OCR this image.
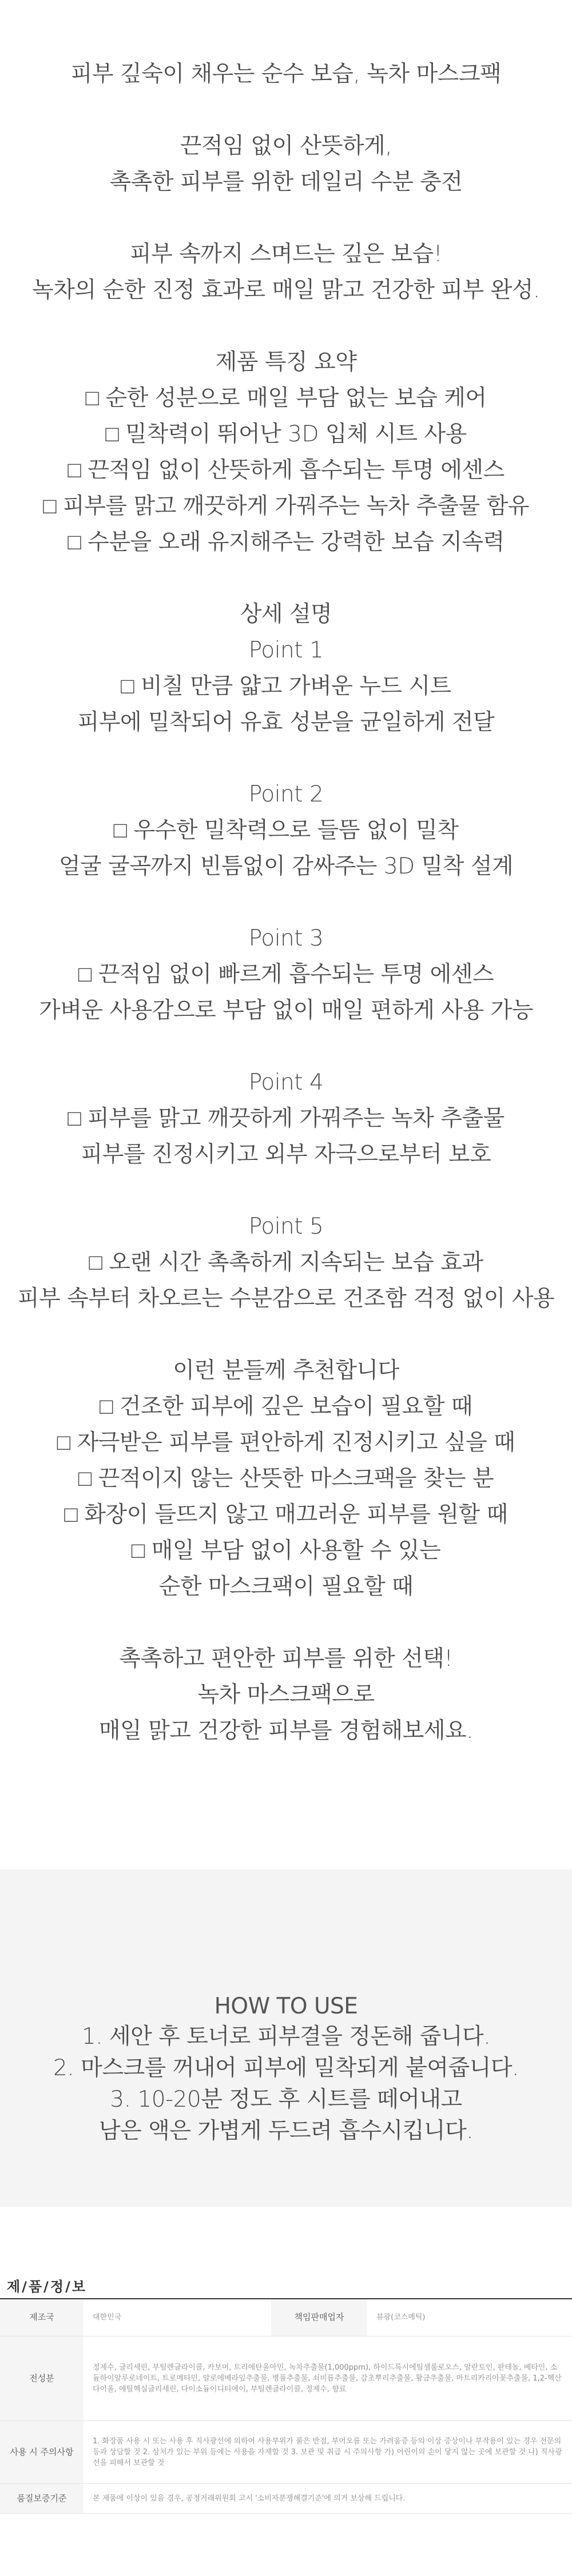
피부 깊숙이 채우는 순수 보습, 녹차 마스크팩
끈적임 없이 산뜻하게,
촉촉한 피부를 위한 데일리 수분 충전
피부 속까지 스며드는 깊은 보습!
녹차의 순한 진정 효과로 매일 맑고 건강한 피부 완성.
제품 특징 요약
□ 순한 성분으로 매일 부담 없는 보습 케어
□ 밀착력이 뛰어난 3D 입체 시트 사용
□ 끈적임 없이 산뜻하게 흡수되는 투명 에센스
□ 피부를 맑고 깨끗하게 가꿔주는 녹차 추출물 함유
□ 수분을 오래 유지해주는 강력한 보습 지속력
상세 설명
Point 1
□ 비칠 만큼 얇고 가벼운 누드 시트
피부에 밀착되어 유효 성분을 균일하게 전달
Point 2
□ 우수한 밀착력으로 들뜸 없이 밀착
얼굴 굴곡까지 빈틈없이 감싸주는 3D 밀착 설계
Point 3
□ 끈적임 없이 빠르게 흡수되는 투명 에센스
가벼운 사용감으로 부담 없이 매일 편하게 사용 가능
Point 4
□ 피부를 맑고 깨끗하게 가꿔주는 녹차 추출물
피부를 진정시키고 외부 자극으로부터 보호
Point 5
□ 오랜 시간 촉촉하게 지속되는 보습 효과
피부 속부터 차오르는 수분감으로 건조함 걱정 없이 사용
이런 분들께 추천합니다
□ 건조한 피부에 깊은 보습이 필요할 때
□ 자극받은 피부를 편안하게 진정시키고 싶을 때
□ 끈적이지 않는 산뜻한 마스크팩을 찾는 분
□ 화장이 들뜨지 않고 매끄러운 피부를 원할 때
□ 매일 부담 없이 사용할 수 있는
순한 마스크팩이 필요할 때
촉촉하고 편안한 피부를 위한 선택!
녹차 마스크팩으로
매일 맑고 건강한 피부를 경험해보세요.
HOW TO USE
1. 세안 후 토너로 피부결을 정돈해 줍니다.
2. 마스크를 꺼내어 피부에 밀착되게 붙여줍니다.
3. 10-20분 정도 후 시트를 떼어내고
남은 액은 가볍게 두드려 흡수시킵니다.
제/품/정/보
제조국	대한민국	책임판매업자	뷰광(코스메틱)
전성분	정제수, 글리세린, 부틸렌글라이콜, 카보머, 트리에탄올아민, 녹차추출물(1,000ppm), 하이드록시에틸셀룰로오스, 알란토인, 판테놀, 베타인, 소듐하이알루로네이트, 트로메타민, 알로에베라잎추출물, 병풀추출물, 쇠비름추출물, 감초뿌리추출물, 황금추출물, 마트리카리아꽃추출물, 1,2-헥산다이올, 에틸헥실글리세린, 다이소듐이디티에이, 부틸렌글라이콜, 정제수, 향료		
사용 시 주의사항	1. 화장품 사용 시 또는 사용 후 직사광선에 의하여 사용부위가 붉은 반점, 부어오름 또는 가려움증 등의 이상 증상이나 부작용이 있는 경우 전문의 등과 상담할 것 2. 상처가 있는 부위 등에는 사용을 자제할 것 3. 보관 및 취급 시 주의사항 가) 어린이의 손이 닿지 않는 곳에 보관할 것 나) 직사광선을 피해서 보관할 것		
품질보증기준	본 제품에 이상이 있을 경우, 공정거래위원회 고시 '소비자분쟁해결기준'에 의거 보상해 드립니다.		
